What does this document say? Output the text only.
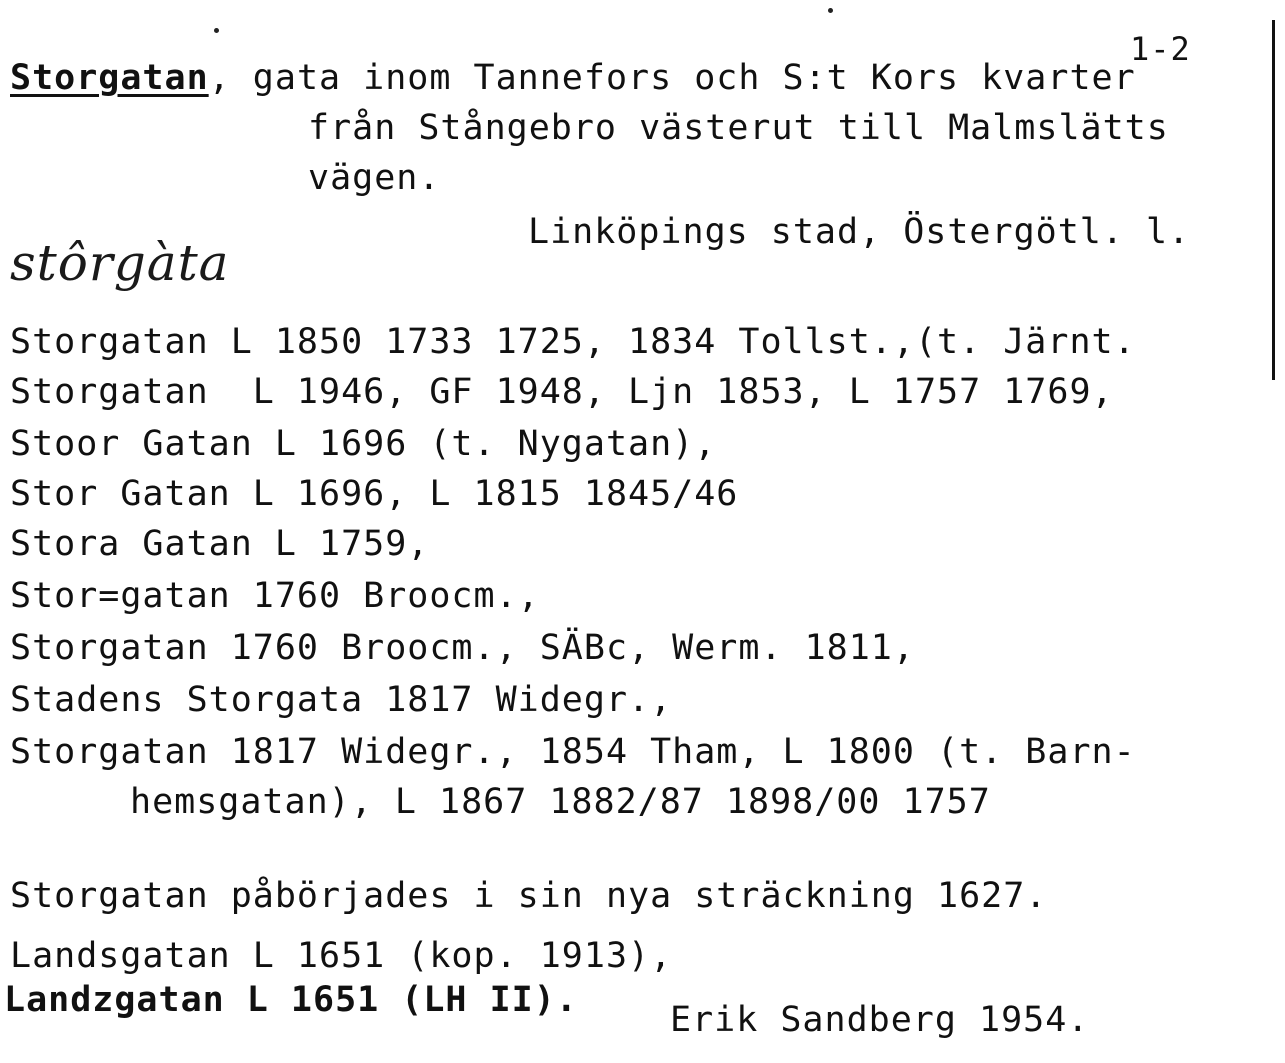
1-2
Storgatan, gata inom Tannefors och S:t Kors kvarter
från Stångebro västerut till Malmslätts
vägen.
Linköpings stad, Östergötl. l.
stôrgàta
Storgatan L 1850 1733 1725, 1834 Tollst.,(t. Järnt.
Storgatan  L 1946, GF 1948, Ljn 1853, L 1757 1769,
Stoor Gatan L 1696 (t. Nygatan),
Stor Gatan L 1696, L 1815 1845/46
Stora Gatan L 1759,
Stor=gatan 1760 Broocm.,
Storgatan 1760 Broocm., SÄBc, Werm. 1811,
Stadens Storgata 1817 Widegr.,
Storgatan 1817 Widegr., 1854 Tham, L 1800 (t. Barn-
hemsgatan), L 1867 1882/87 1898/00 1757
Storgatan påbörjades i sin nya sträckning 1627.
Landsgatan L 1651 (kop. 1913),
Landzgatan L 1651 (LH II).	Erik Sandberg 1954.
